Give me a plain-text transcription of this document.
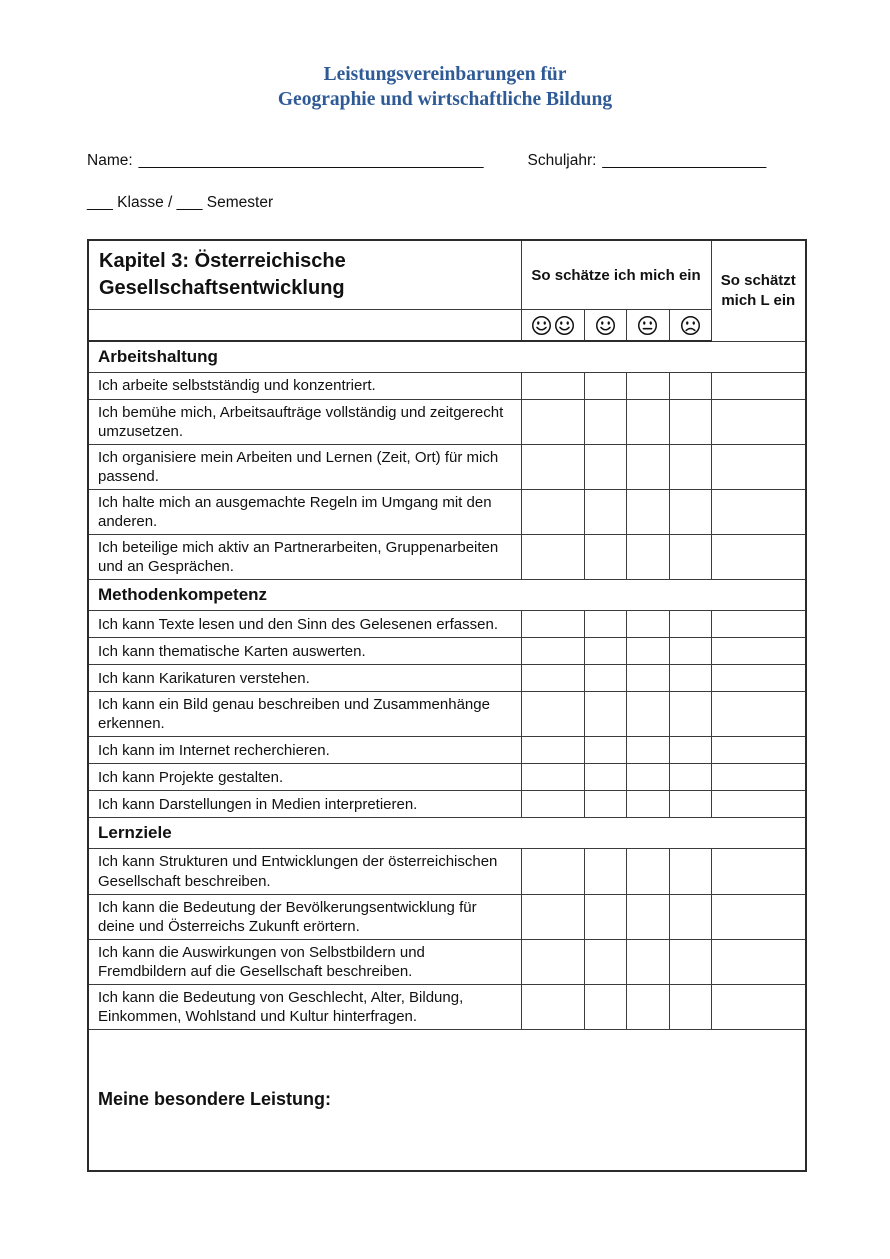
Leistungsvereinbarungen für
Geographie und wirtschaftliche Bildung
Name: ________________________________________	Schuljahr: ___________________
___ Klasse / ___ Semester
Kapitel 3: Österreichische Gesellschaftsentwicklung	So schätze ich mich ein				So schätzt mich L ein

Arbeitshaltung					
Ich arbeite selbstständig und konzentriert.					
Ich bemühe mich, Arbeitsaufträge vollständig und zeitgerecht umzusetzen.					
Ich organisiere mein Arbeiten und Lernen (Zeit, Ort) für mich passend.					
Ich halte mich an ausgemachte Regeln im Umgang mit den anderen.					
Ich beteilige mich aktiv an Partnerarbeiten, Gruppenarbeiten und an Gesprächen.					
Methodenkompetenz					
Ich kann Texte lesen und den Sinn des Gelesenen erfassen.					
Ich kann thematische Karten auswerten.					
Ich kann Karikaturen verstehen.					
Ich kann ein Bild genau beschreiben und Zusammenhänge erkennen.					
Ich kann im Internet recherchieren.					
Ich kann Projekte gestalten.					
Ich kann Darstellungen in Medien interpretieren.					
Lernziele					
Ich kann Strukturen und Entwicklungen der österreichischen Gesellschaft beschreiben.					
Ich kann die Bedeutung der Bevölkerungsentwicklung für deine und Österreichs Zukunft erörtern.					
Ich kann die Auswirkungen von Selbstbildern und Fremdbildern auf die Gesellschaft beschreiben.					
Ich kann die Bedeutung von Geschlecht, Alter, Bildung, Einkommen, Wohlstand und Kultur hinterfragen.					
Meine besondere Leistung:					
